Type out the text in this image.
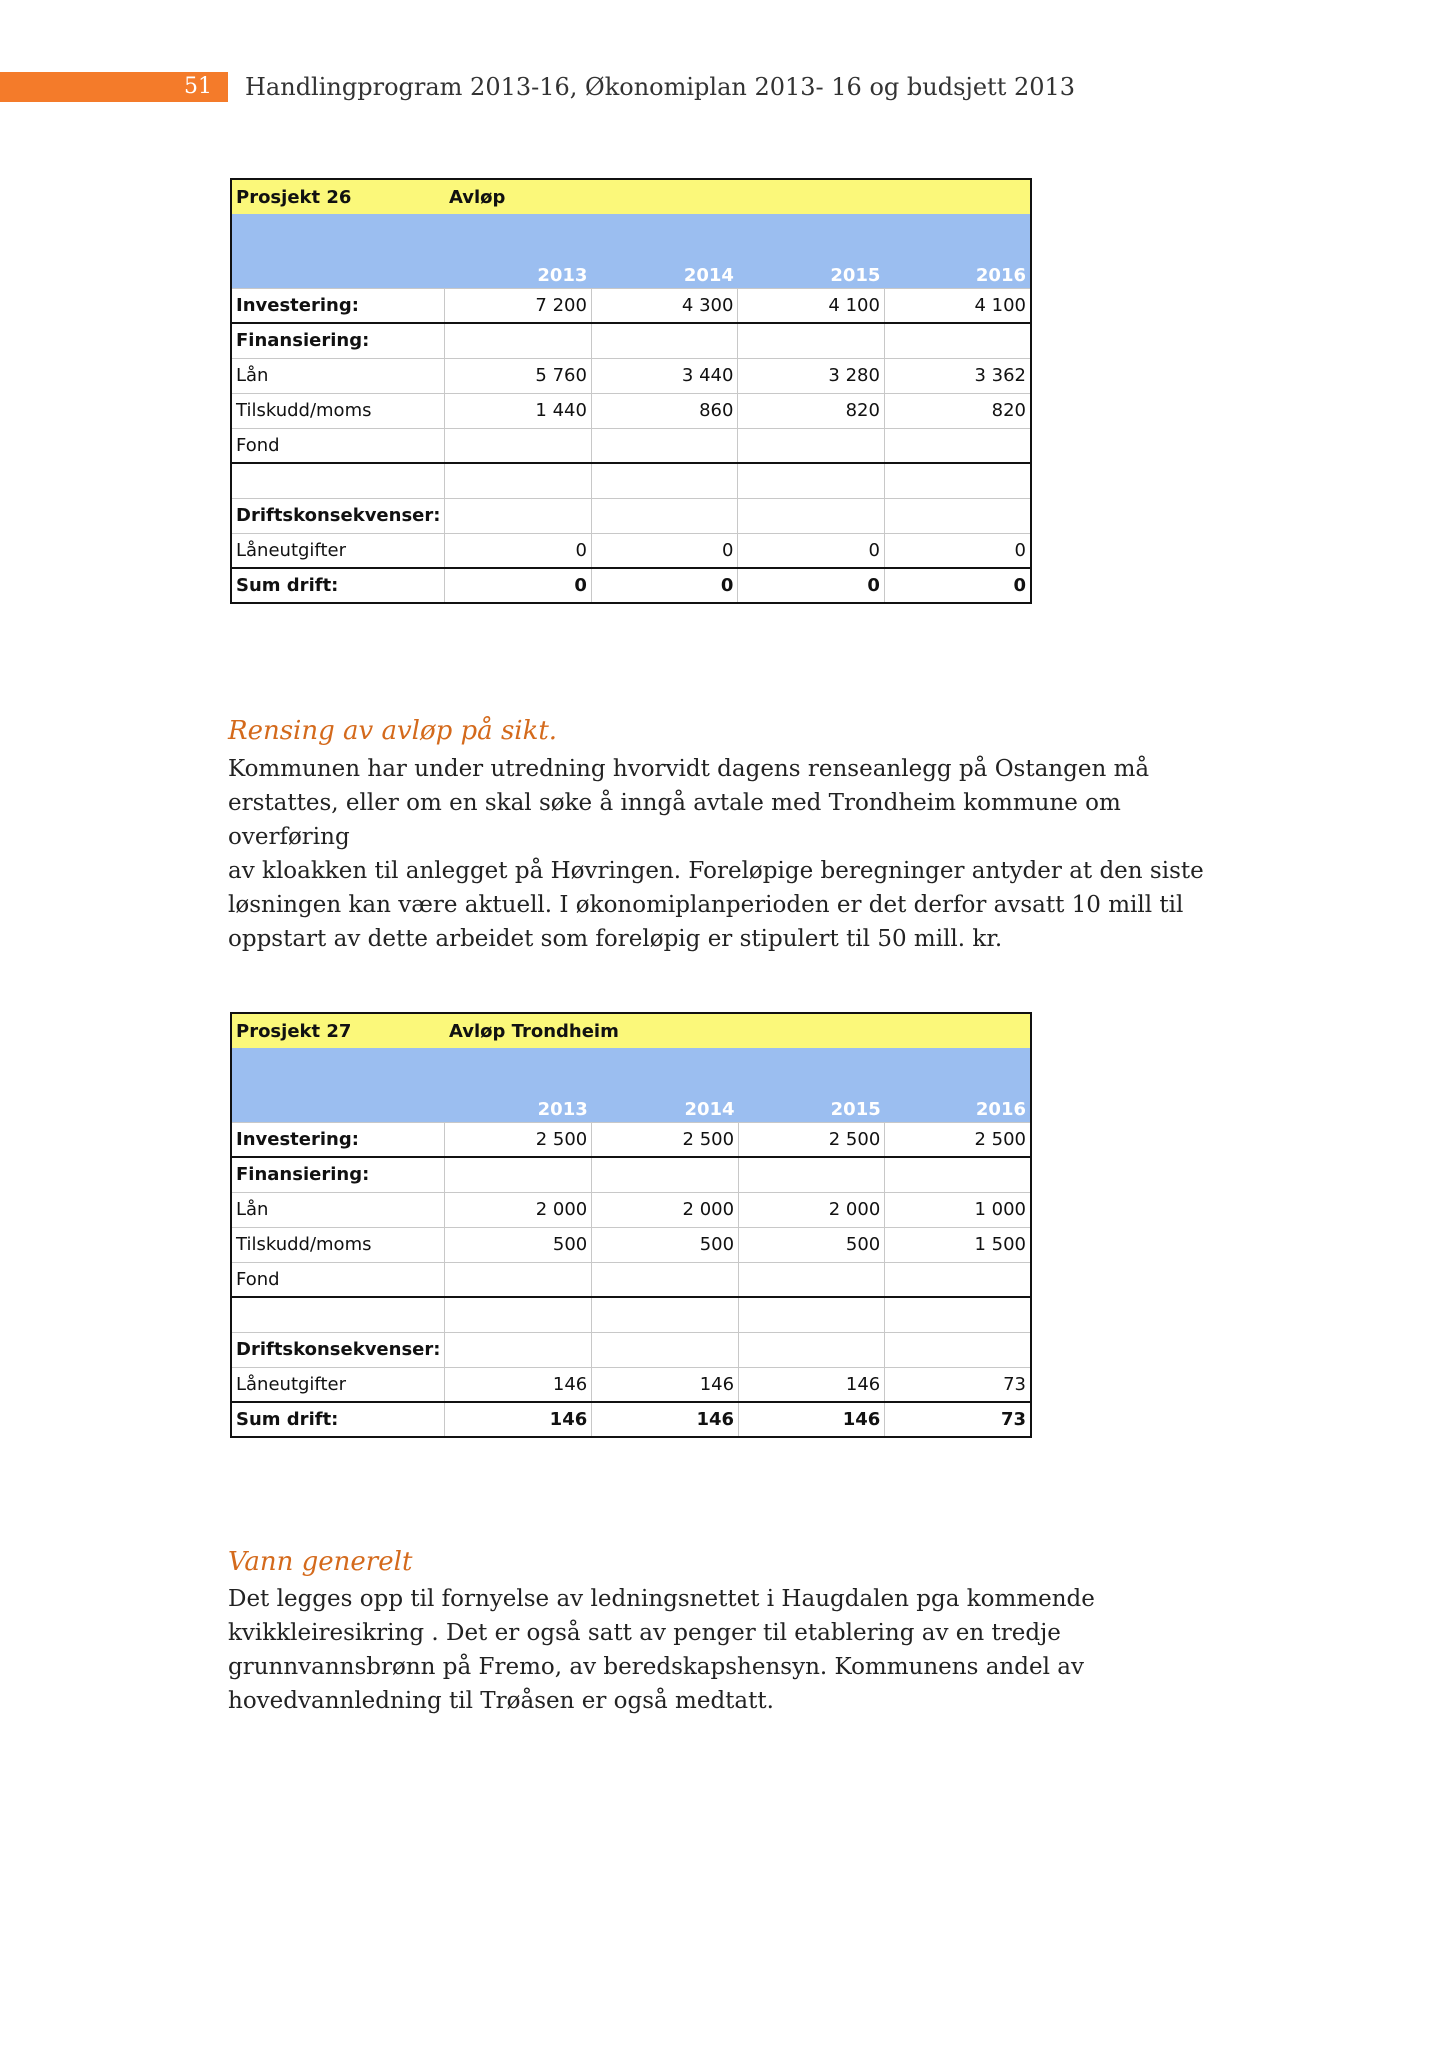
51	Handlingprogram 2013-16, Økonomiplan 2013- 16 og budsjett 2013
Prosjekt 26	Avløp			
	2013	2014	2015	2016
Investering:	7 200	4 300	4 100	4 100
Finansiering:				
Lån	5 760	3 440	3 280	3 362
Tilskudd/moms	1 440	860	820	820
Fond				

Driftskonsekvenser:				
Låneutgifter	0	0	0	0
Sum drift:	0	0	0	0
Rensing av avløp på sikt.

Kommunen har under utredning hvorvidt dagens renseanlegg på Ostangen må

erstattes, eller om en skal søke å inngå avtale med Trondheim kommune om overføring

av kloakken til anlegget på Høvringen. Foreløpige beregninger antyder at den siste

løsningen kan være aktuell. I økonomiplanperioden er det derfor avsatt 10 mill til

oppstart av dette arbeidet som foreløpig er stipulert til 50 mill. kr.

Prosjekt 27	Avløp Trondheim			
	2013	2014	2015	2016
Investering:	2 500	2 500	2 500	2 500
Finansiering:				
Lån	2 000	2 000	2 000	1 000
Tilskudd/moms	500	500	500	1 500
Fond				

Driftskonsekvenser:				
Låneutgifter	146	146	146	73
Sum drift:	146	146	146	73
Vann generelt

Det legges opp til fornyelse av ledningsnettet i Haugdalen pga kommende

kvikkleiresikring . Det er også satt av penger til etablering av en tredje

grunnvannsbrønn på Fremo, av beredskapshensyn. Kommunens andel av

hovedvannledning til Trøåsen er også medtatt.
